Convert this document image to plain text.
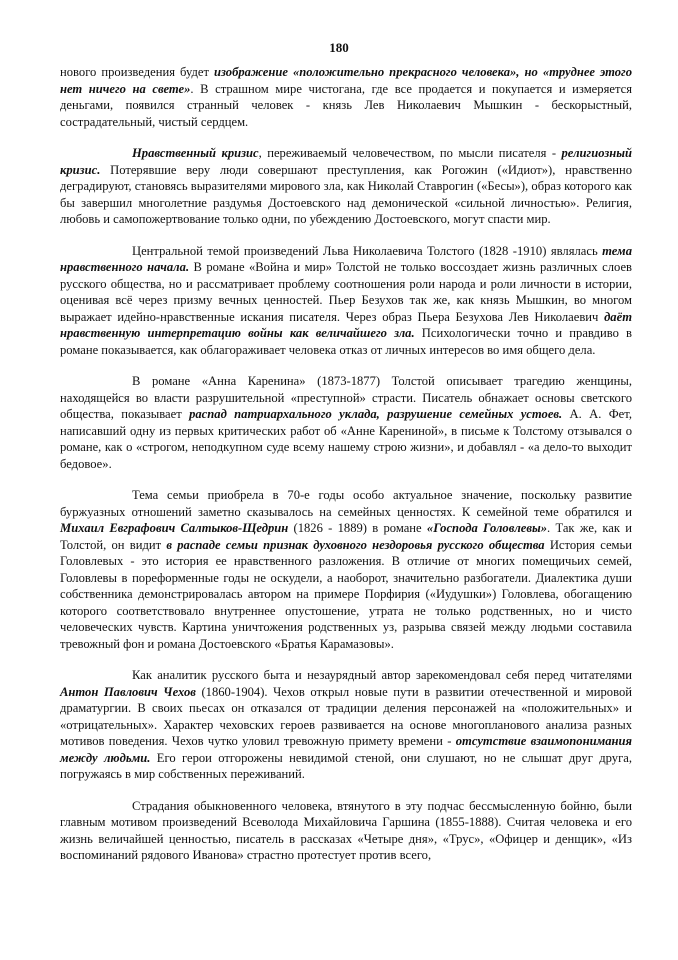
180

нового произведения будет изображение «положительно прекрасного человека», но «труднее этого нет ничего на свете». В страшном мире чистогана, где все продается и покупается и измеряется деньгами, появился странный человек - князь Лев Николаевич Мышкин - бескорыстный, сострадательный, чистый сердцем.

Нравственный кризис, переживаемый человечеством, по мысли писателя - религиозный кризис. Потерявшие веру люди совершают преступления, как Рогожин («Идиот»), нравственно деградируют, становясь выразителями мирового зла, как Николай Ставрогин («Бесы»), образ которого как бы завершил многолетние раздумья Достоевского над демонической «сильной личностью». Религия, любовь и самопожертвование только одни, по убеждению Достоевского, могут спасти мир.

Центральной темой произведений Льва Николаевича Толстого (1828 -1910) являлась тема нравственного начала. В романе «Война и мир» Толстой не только воссоздает жизнь различных слоев русского общества, но и рассматривает проблему соотношения роли народа и роли личности в истории, оценивая всё через призму вечных ценностей. Пьер Безухов так же, как князь Мышкин, во многом выражает идейно-нравственные искания писателя. Через образ Пьера Безухова Лев Николаевич даёт нравственную интерпретацию войны как величайшего зла. Психологически точно и правдиво в романе показывается, как облагораживает человека отказ от личных интересов во имя общего дела.

В романе «Анна Каренина» (1873-1877) Толстой описывает трагедию женщины, находящейся во власти разрушительной «преступной» страсти. Писатель обнажает основы светского общества, показывает распад патриархального уклада, разрушение семейных устоев. А. А. Фет, написавший одну из первых критических работ об «Анне Карениной», в письме к Толстому отзывался о романе, как о «строгом, неподкупном суде всему нашему строю жизни», и добавлял - «а дело-то выходит бедовое».

Тема семьи приобрела в 70-е годы особо актуальное значение, поскольку развитие буржуазных отношений заметно сказывалось на семейных ценностях. К семейной теме обратился и Михаил Евграфович Салтыков-Щедрин (1826 - 1889) в романе «Господа Головлевы». Так же, как и Толстой, он видит в распаде семьи признак духовного нездоровья русского общества История семьи Головлевых - это история ее нравственного разложения. В отличие от многих помещичьих семей, Головлевы в пореформенные годы не оскудели, а наоборот, значительно разбогатели. Диалектика души собственника демонстрировалась автором на примере Порфирия («Иудушки») Головлева, обогащению которого соответствовало внутреннее опустошение, утрата не только родственных, но и чисто человеческих чувств. Картина уничтожения родственных уз, разрыва связей между людьми составила тревожный фон и романа Достоевского «Братья Карамазовы».

Как аналитик русского быта и незаурядный автор зарекомендовал себя перед читателями Антон Павлович Чехов (1860-1904). Чехов открыл новые пути в развитии отечественной и мировой драматургии. В своих пьесах он отказался от традиции деления персонажей на «положительных» и «отрицательных». Характер чеховских героев развивается на основе многопланового анализа разных мотивов поведения. Чехов чутко уловил тревожную примету времени - отсутствие взаимопонимания между людьми. Его герои отгорожены невидимой стеной, они слушают, но не слышат друг друга, погружаясь в мир собственных переживаний.

Страдания обыкновенного человека, втянутого в эту подчас бессмысленную бойню, были главным мотивом произведений Всеволода Михайловича Гаршина (1855-1888). Считая человека и его жизнь величайшей ценностью, писатель в рассказах «Четыре дня», «Трус», «Офицер и денщик», «Из воспоминаний рядового Иванова» страстно протестует против всего,
